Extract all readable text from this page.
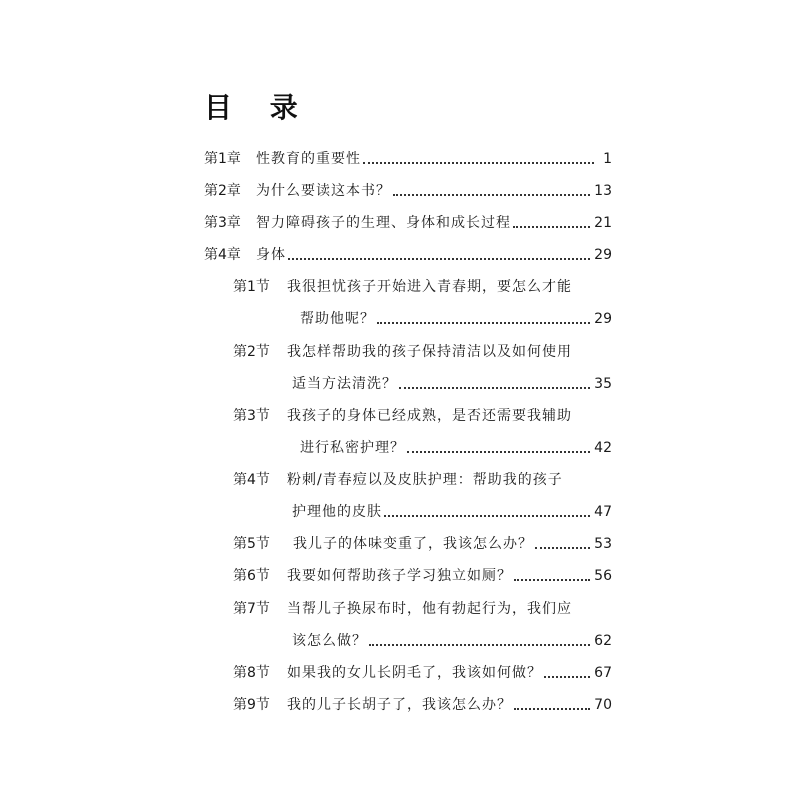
目 录
第1章	性教育的重要性	1
第2章	为什么要读这本书？	13
第3章	智力障碍孩子的生理、身体和成长过程	21
第4章	身体	29
第1节	我很担忧孩子开始进入青春期，要怎么才能
帮助他呢？	29
第2节	我怎样帮助我的孩子保持清洁以及如何使用
适当方法清洗？	35
第3节	我孩子的身体已经成熟，是否还需要我辅助
进行私密护理？	42
第4节	粉刺/青春痘以及皮肤护理：帮助我的孩子
护理他的皮肤	47
第5节	我儿子的体味变重了，我该怎么办？	53
第6节	我要如何帮助孩子学习独立如厕？	56
第7节	当帮儿子换尿布时，他有勃起行为，我们应
该怎么做？	62
第8节	如果我的女儿长阴毛了，我该如何做？	67
第9节	我的儿子长胡子了，我该怎么办？	70
